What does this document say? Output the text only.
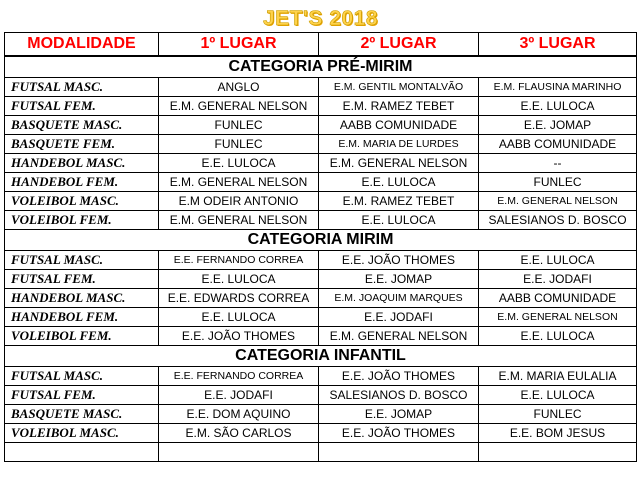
JET'S 2018			
MODALIDADE	1º LUGAR	2º LUGAR	3º LUGAR
CATEGORIA PRÉ-MIRIM			
FUTSAL MASC.	ANGLO	E.M. GENTIL MONTALVÃO	E.M. FLAUSINA MARINHO
FUTSAL FEM.	E.M. GENERAL NELSON	E.M. RAMEZ TEBET	E.E. LULOCA
BASQUETE MASC.	FUNLEC	AABB COMUNIDADE	E.E. JOMAP
BASQUETE FEM.	FUNLEC	E.M. MARIA DE LURDES	AABB COMUNIDADE
HANDEBOL MASC.	E.E. LULOCA	E.M. GENERAL NELSON	--
HANDEBOL FEM.	E.M. GENERAL NELSON	E.E. LULOCA	FUNLEC
VOLEIBOL MASC.	E.M ODEIR ANTONIO	E.M. RAMEZ TEBET	E.M. GENERAL NELSON
VOLEIBOL FEM.	E.M. GENERAL NELSON	E.E. LULOCA	SALESIANOS D. BOSCO
CATEGORIA MIRIM			
FUTSAL MASC.	E.E. FERNANDO CORREA	E.E. JOÃO THOMES	E.E. LULOCA
FUTSAL FEM.	E.E. LULOCA	E.E. JOMAP	E.E. JODAFI
HANDEBOL MASC.	E.E. EDWARDS CORREA	E.M. JOAQUIM MARQUES	AABB COMUNIDADE
HANDEBOL FEM.	E.E. LULOCA	E.E. JODAFI	E.M. GENERAL NELSON
VOLEIBOL FEM.	E.E. JOÃO THOMES	E.M. GENERAL NELSON	E.E. LULOCA
CATEGORIA INFANTIL			
FUTSAL MASC.	E.E. FERNANDO CORREA	E.E. JOÃO THOMES	E.M. MARIA EULALIA
FUTSAL FEM.	E.E. JODAFI	SALESIANOS D. BOSCO	E.E. LULOCA
BASQUETE MASC.	E.E. DOM AQUINO	E.E. JOMAP	FUNLEC
VOLEIBOL MASC.	E.M. SÃO CARLOS	E.E. JOÃO THOMES	E.E. BOM JESUS
